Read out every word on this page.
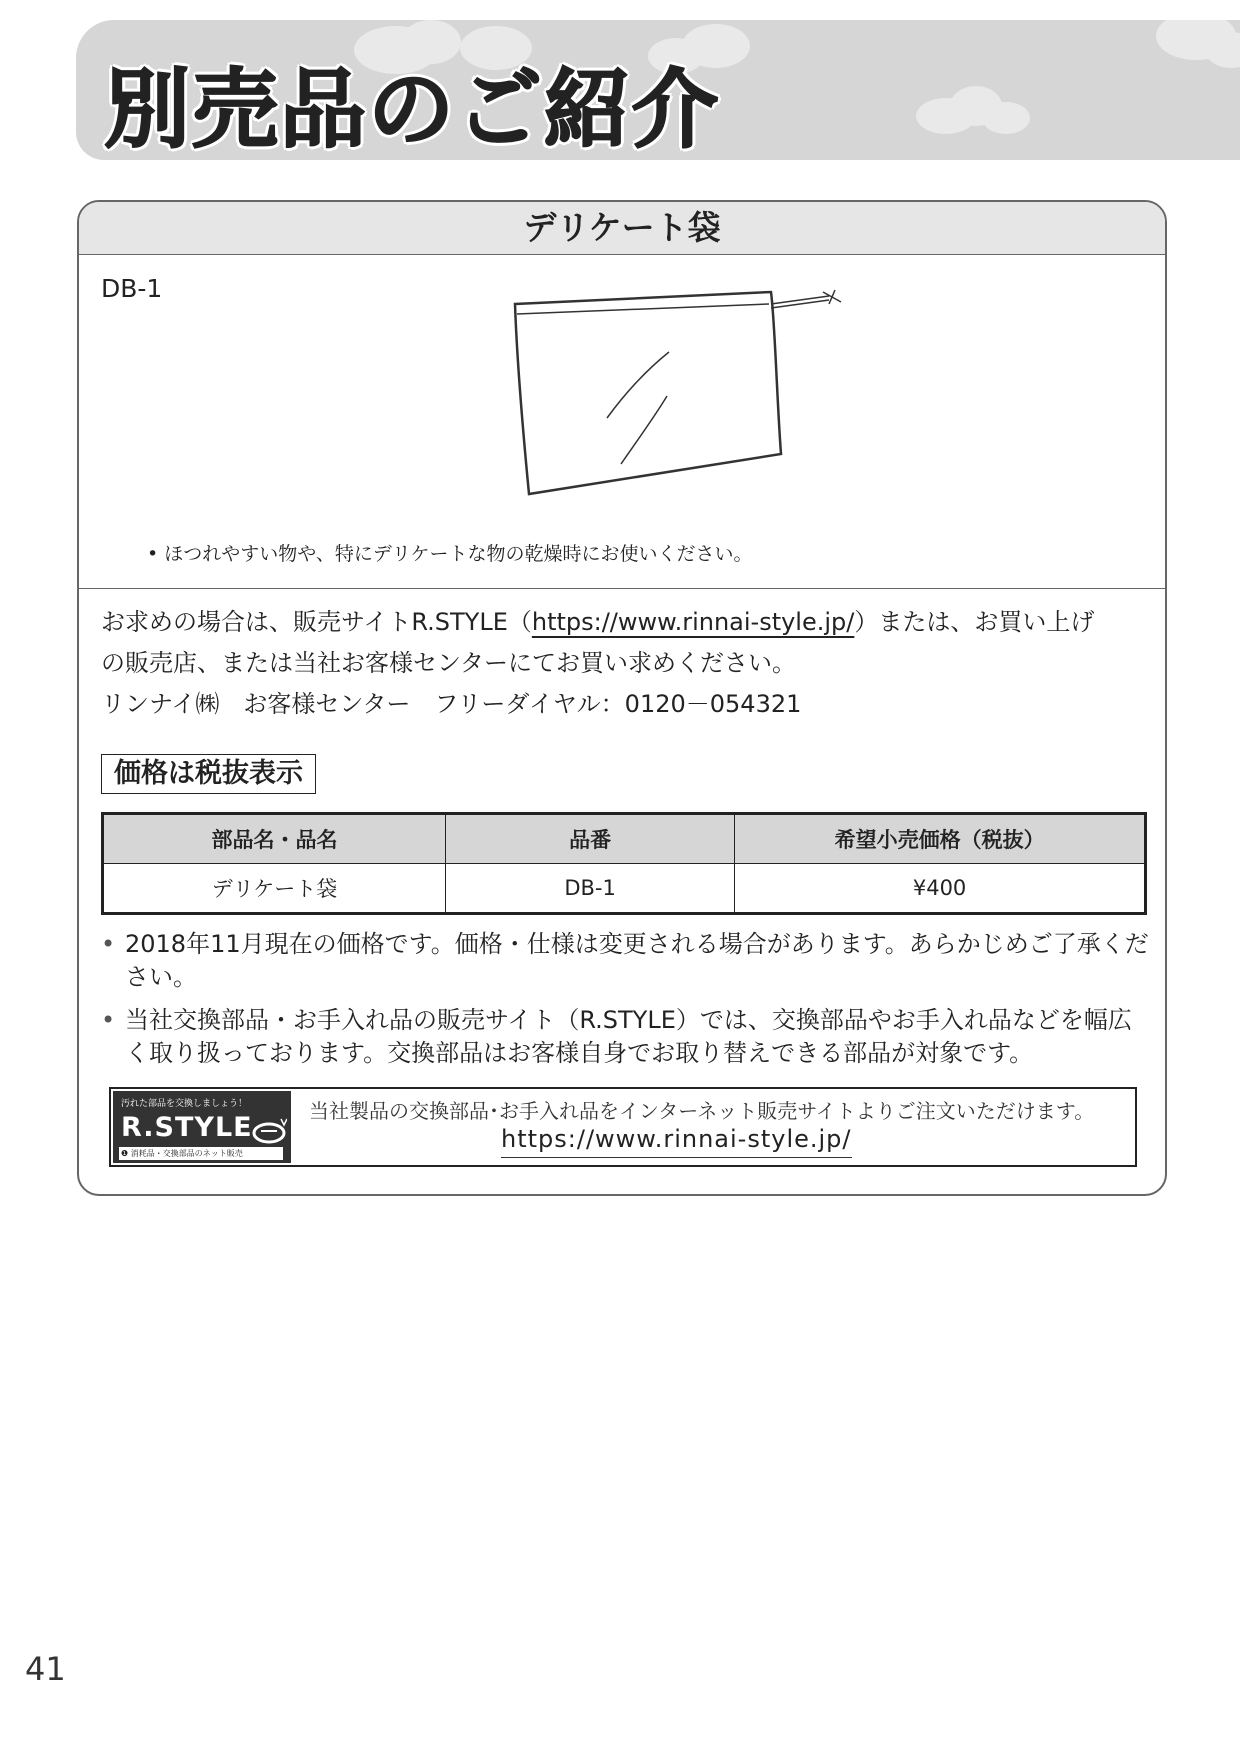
別売品のご紹介
デリケート袋
DB-1
• ほつれやすい物や、特にデリケートな物の乾燥時にお使いください。

お求めの場合は、販売サイトR.STYLE（https://www.rinnai-style.jp/）または、お買い上げ

の販売店、または当社お客様センターにてお買い求めください。

リンナイ㈱　お客様センター　フリーダイヤル：0120－054321

価格は税抜表示
部品名・品名	品番	希望小売価格（税抜）
デリケート袋	DB-1	¥400
• 2018年11月現在の価格です。価格・仕様は変更される場合があります。あらかじめご了承ください。
• 当社交換部品・お手入れ品の販売サイト（R.STYLE）では、交換部品やお手入れ品などを幅広く取り扱っております。交換部品はお客様自身でお取り替えできる部品が対象です。
汚れた部品を交換しましょう！
R.STYLE
❶ 消耗品・交換部品のネット販売
当社製品の交換部品･お手入れ品をインターネット販売サイトよりご注文いただけます。
https://www.rinnai-style.jp/
41
